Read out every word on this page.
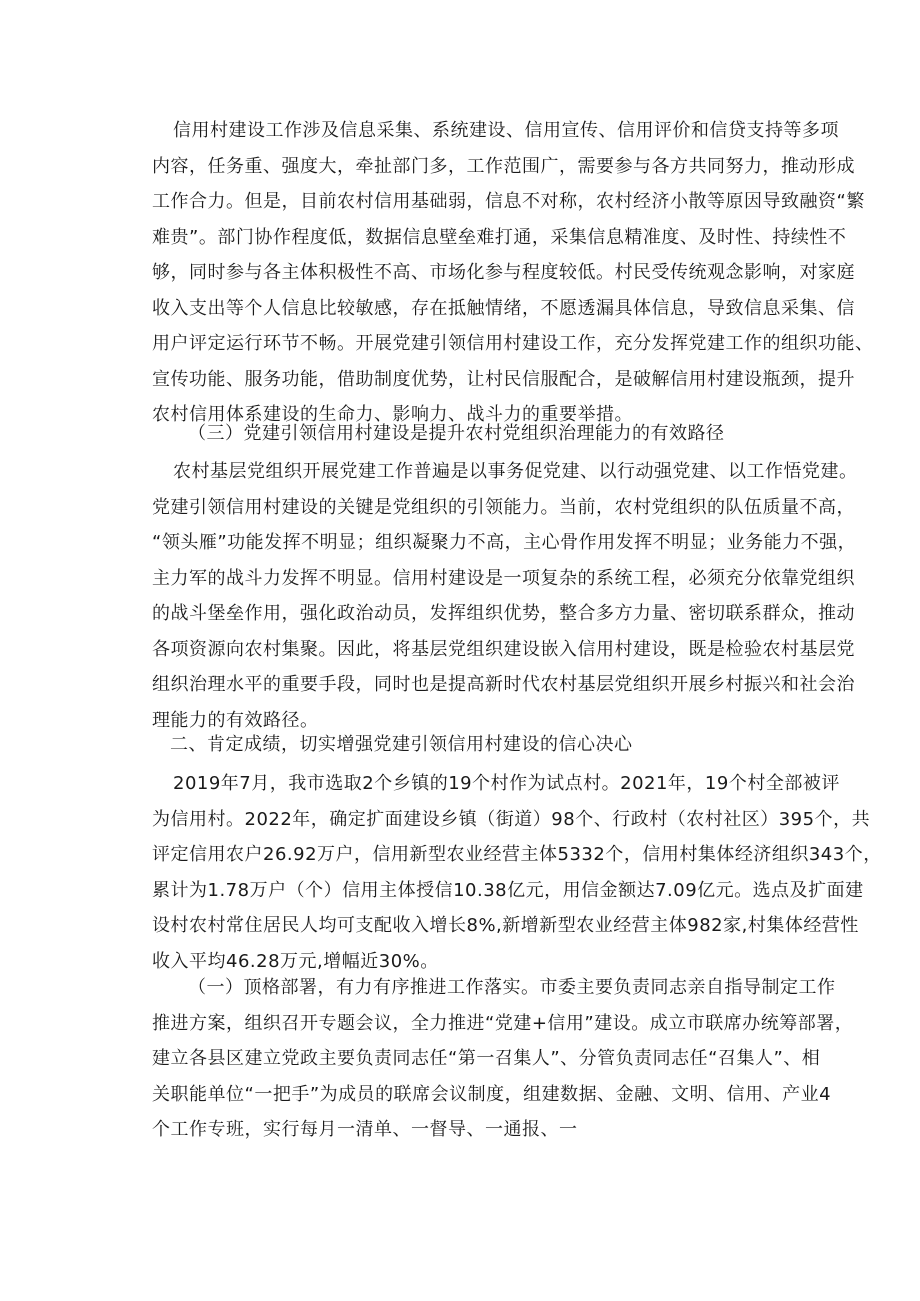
信用村建设工作涉及信息采集、系统建设、信用宣传、信用评价和信贷支持等多项
内容，任务重、强度大，牵扯部门多，工作范围广，需要参与各方共同努力，推动形成
工作合力。但是，目前农村信用基础弱，信息不对称，农村经济小散等原因导致融资“繁
难贵”。部门协作程度低，数据信息壁垒难打通，采集信息精准度、及时性、持续性不
够，同时参与各主体积极性不高、市场化参与程度较低。村民受传统观念影响，对家庭
收入支出等个人信息比较敏感，存在抵触情绪，不愿透漏具体信息，导致信息采集、信
用户评定运行环节不畅。开展党建引领信用村建设工作，充分发挥党建工作的组织功能、
宣传功能、服务功能，借助制度优势，让村民信服配合，是破解信用村建设瓶颈，提升
农村信用体系建设的生命力、影响力、战斗力的重要举措。
（三）党建引领信用村建设是提升农村党组织治理能力的有效路径
农村基层党组织开展党建工作普遍是以事务促党建、以行动强党建、以工作悟党建。
党建引领信用村建设的关键是党组织的引领能力。当前，农村党组织的队伍质量不高，
“领头雁”功能发挥不明显；组织凝聚力不高，主心骨作用发挥不明显；业务能力不强，
主力军的战斗力发挥不明显。信用村建设是一项复杂的系统工程，必须充分依靠党组织
的战斗堡垒作用，强化政治动员，发挥组织优势，整合多方力量、密切联系群众，推动
各项资源向农村集聚。因此，将基层党组织建设嵌入信用村建设，既是检验农村基层党
组织治理水平的重要手段，同时也是提高新时代农村基层党组织开展乡村振兴和社会治
理能力的有效路径。
二、肯定成绩，切实增强党建引领信用村建设的信心决心
2019年7月，我市选取2个乡镇的19个村作为试点村。2021年，19个村全部被评
为信用村。2022年，确定扩面建设乡镇（街道）98个、行政村（农村社区）395个，共
评定信用农户26.92万户，信用新型农业经营主体5332个，信用村集体经济组织343个，
累计为1.78万户（个）信用主体授信10.38亿元，用信金额达7.09亿元。选点及扩面建
设村农村常住居民人均可支配收入增长8%,新增新型农业经营主体982家,村集体经营性
收入平均46.28万元,增幅近30%。
（一）顶格部署，有力有序推进工作落实。市委主要负责同志亲自指导制定工作
推进方案，组织召开专题会议，全力推进“党建+信用”建设。成立市联席办统筹部署，
建立各县区建立党政主要负责同志任“第一召集人”、分管负责同志任“召集人”、相
关职能单位“一把手”为成员的联席会议制度，组建数据、金融、文明、信用、产业4
个工作专班，实行每月一清单、一督导、一通报、一
